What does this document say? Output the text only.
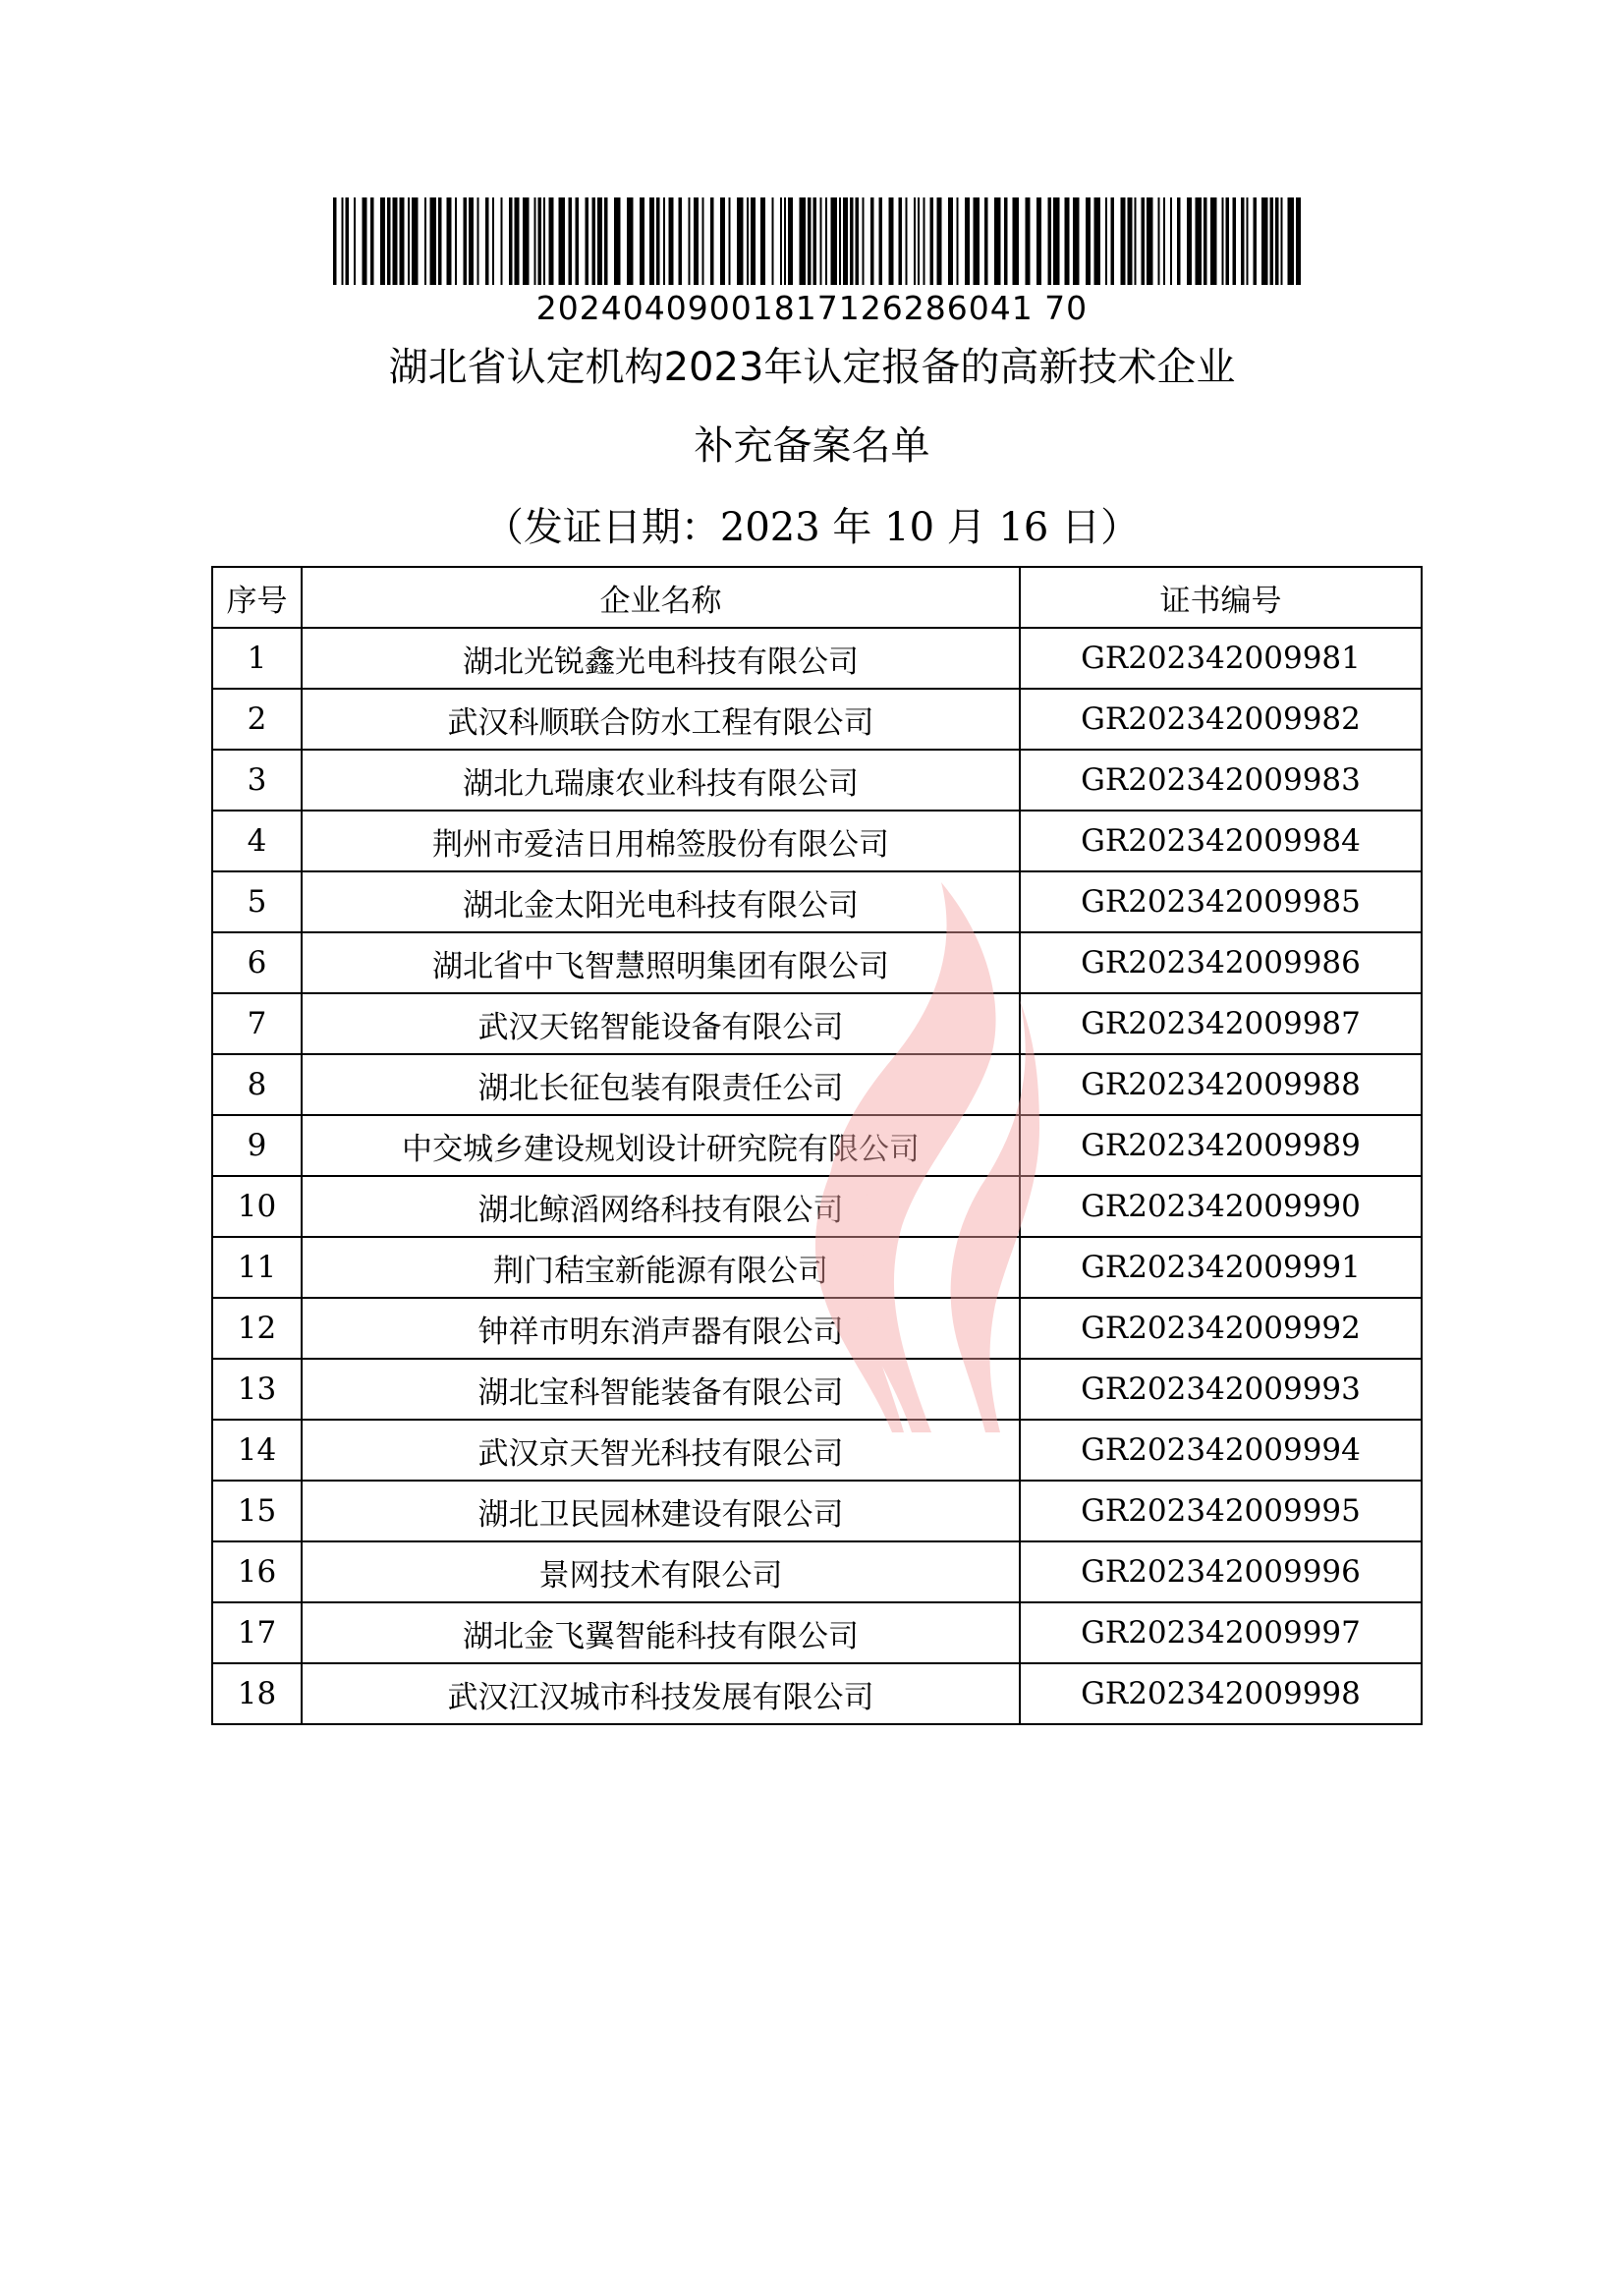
20240409001817126286041 70
湖北省认定机构2023年认定报备的高新技术企业
补充备案名单
（发证日期：2023 年 10 月 16 日）
序号	企业名称	证书编号
1	湖北光锐鑫光电科技有限公司	GR202342009981
2	武汉科顺联合防水工程有限公司	GR202342009982
3	湖北九瑞康农业科技有限公司	GR202342009983
4	荆州市爱洁日用棉签股份有限公司	GR202342009984
5	湖北金太阳光电科技有限公司	GR202342009985
6	湖北省中飞智慧照明集团有限公司	GR202342009986
7	武汉天铭智能设备有限公司	GR202342009987
8	湖北长征包装有限责任公司	GR202342009988
9	中交城乡建设规划设计研究院有限公司	GR202342009989
10	湖北鲸滔网络科技有限公司	GR202342009990
11	荆门秸宝新能源有限公司	GR202342009991
12	钟祥市明东消声器有限公司	GR202342009992
13	湖北宝科智能装备有限公司	GR202342009993
14	武汉京天智光科技有限公司	GR202342009994
15	湖北卫民园林建设有限公司	GR202342009995
16	景网技术有限公司	GR202342009996
17	湖北金飞翼智能科技有限公司	GR202342009997
18	武汉江汉城市科技发展有限公司	GR202342009998
